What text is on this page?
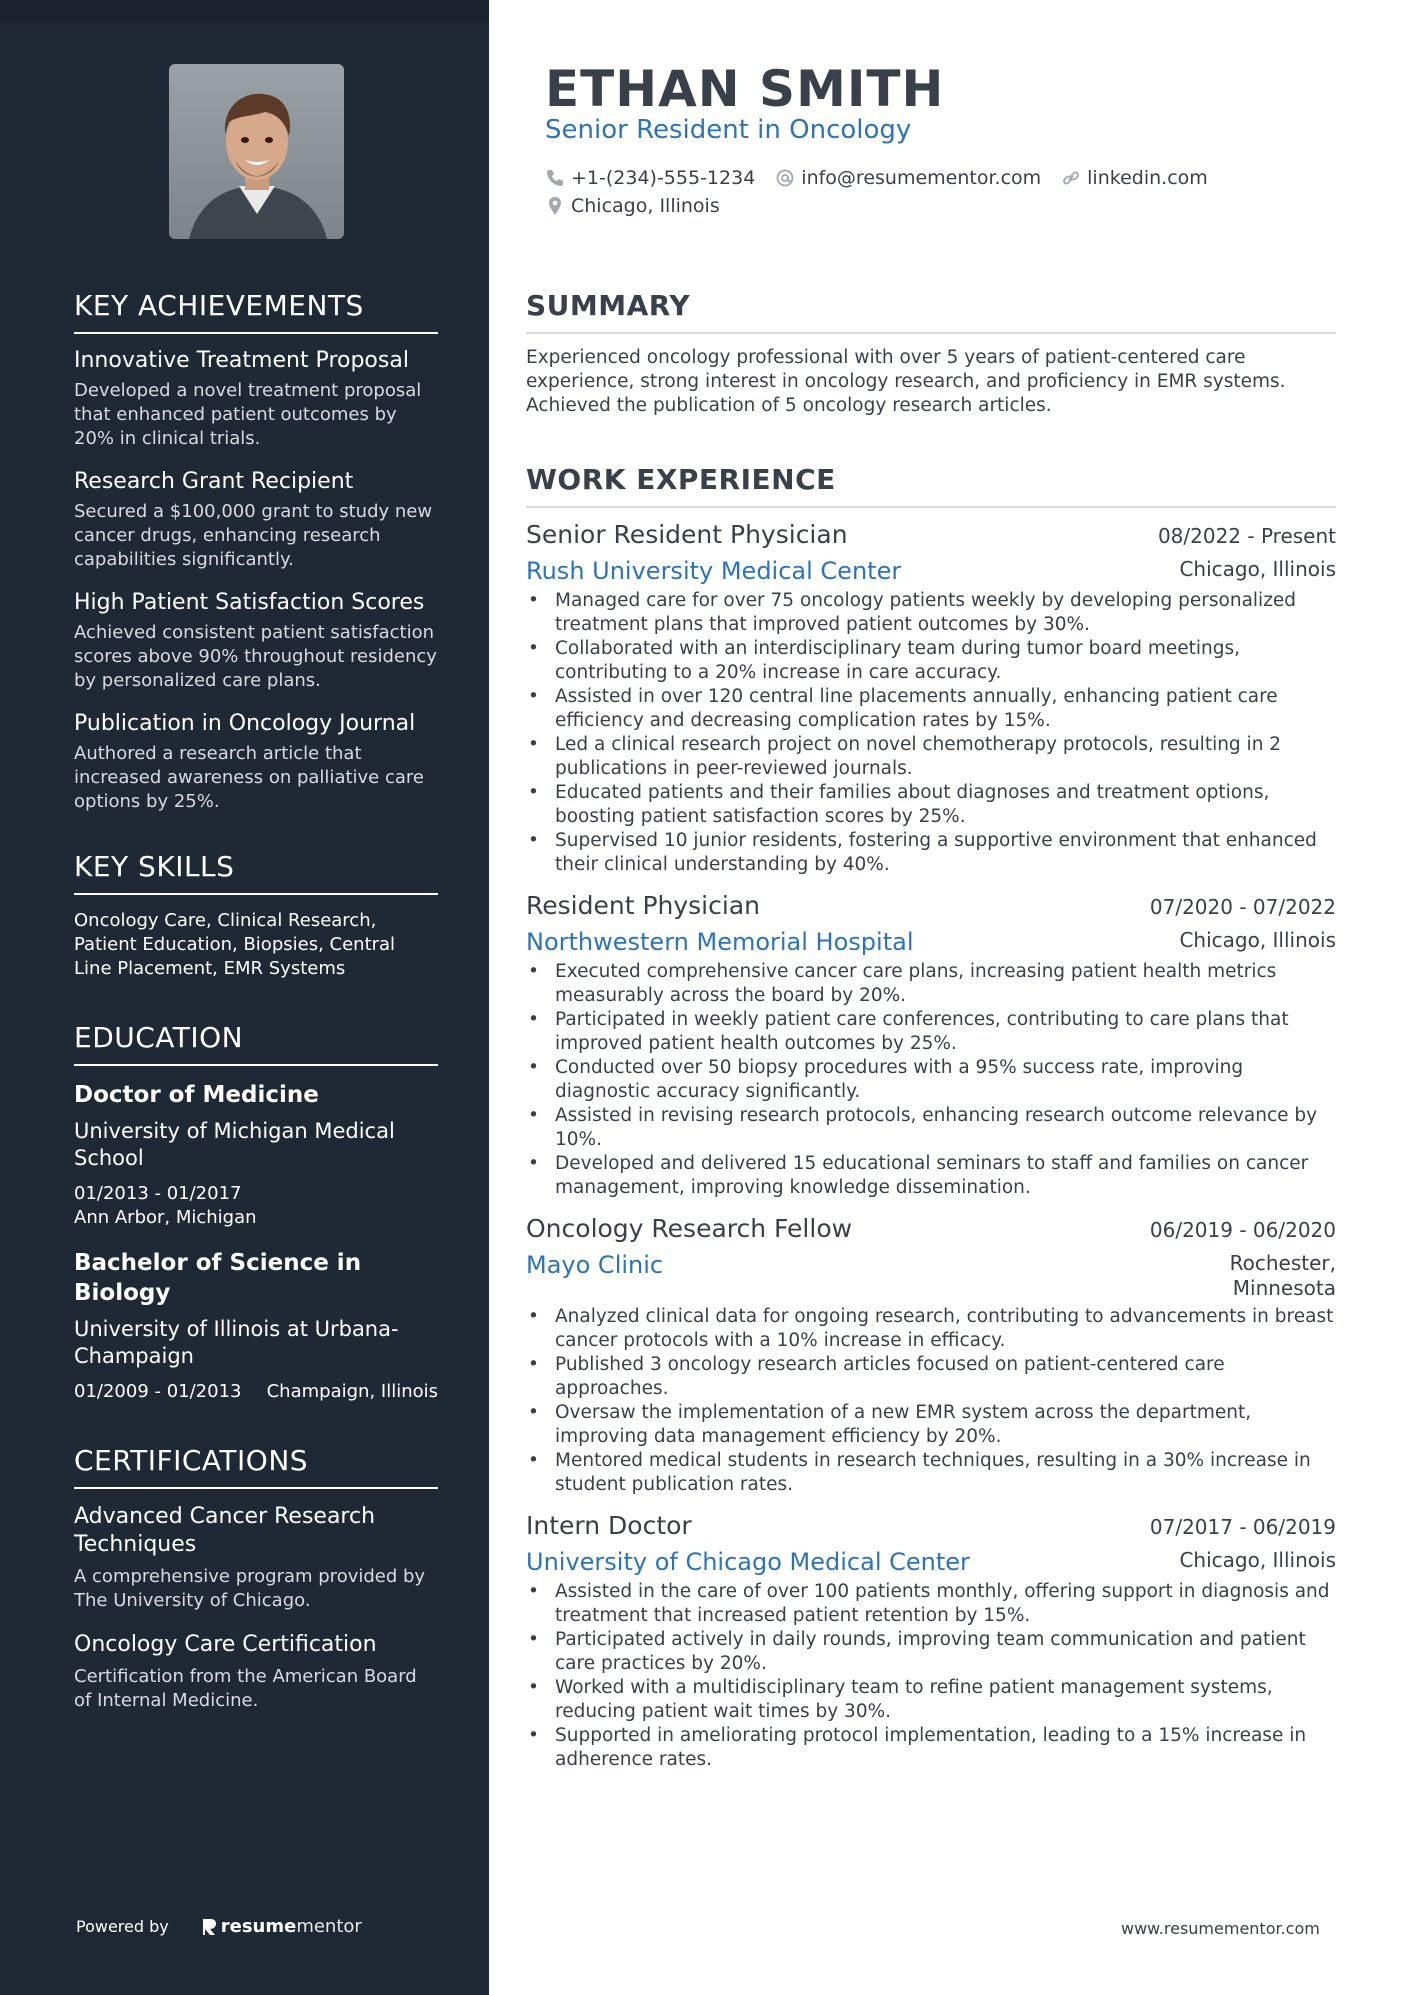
KEY ACHIEVEMENTS
Innovative Treatment Proposal
Developed a novel treatment proposal that enhanced patient outcomes by 20% in clinical trials.
Research Grant Recipient
Secured a $100,000 grant to study new cancer drugs, enhancing research capabilities significantly.
High Patient Satisfaction Scores
Achieved consistent patient satisfaction scores above 90% throughout residency by personalized care plans.
Publication in Oncology Journal
Authored a research article that increased awareness on palliative care options by 25%.
KEY SKILLS
Oncology Care, Clinical Research, Patient Education, Biopsies, Central Line Placement, EMR Systems
EDUCATION
Doctor of Medicine
University of Michigan Medical School
01/2013 - 01/2017
Ann Arbor, Michigan
Bachelor of Science in Biology
University of Illinois at Urbana-Champaign
01/2009 - 01/2013 Champaign, Illinois
CERTIFICATIONS
Advanced Cancer Research Techniques
A comprehensive program provided by The University of Chicago.
Oncology Care Certification
Certification from the American Board of Internal Medicine.
Powered by	resume mentor
ETHAN SMITH
Senior Resident in Oncology
+1-(234)-555-1234 info@resumementor.com linkedin.com
Chicago, Illinois
SUMMARY

Experienced oncology professional with over 5 years of patient-centered care experience, strong interest in oncology research, and proficiency in EMR systems. Achieved the publication of 5 oncology research articles.

WORK EXPERIENCE
Senior Resident Physician	08/2022 - Present
Rush University Medical Center	Chicago, Illinois
• Managed care for over 75 oncology patients weekly by developing personalized treatment plans that improved patient outcomes by 30%.
• Collaborated with an interdisciplinary team during tumor board meetings, contributing to a 20% increase in care accuracy.
• Assisted in over 120 central line placements annually, enhancing patient care efficiency and decreasing complication rates by 15%.
• Led a clinical research project on novel chemotherapy protocols, resulting in 2 publications in peer-reviewed journals.
• Educated patients and their families about diagnoses and treatment options, boosting patient satisfaction scores by 25%.
• Supervised 10 junior residents, fostering a supportive environment that enhanced their clinical understanding by 40%.
Resident Physician	07/2020 - 07/2022
Northwestern Memorial Hospital	Chicago, Illinois
• Executed comprehensive cancer care plans, increasing patient health metrics measurably across the board by 20%.
• Participated in weekly patient care conferences, contributing to care plans that improved patient health outcomes by 25%.
• Conducted over 50 biopsy procedures with a 95% success rate, improving diagnostic accuracy significantly.
• Assisted in revising research protocols, enhancing research outcome relevance by 10%.
• Developed and delivered 15 educational seminars to staff and families on cancer management, improving knowledge dissemination.
Oncology Research Fellow	06/2019 - 06/2020
Mayo Clinic	Rochester,
Minnesota
• Analyzed clinical data for ongoing research, contributing to advancements in breast cancer protocols with a 10% increase in efficacy.
• Published 3 oncology research articles focused on patient-centered care approaches.
• Oversaw the implementation of a new EMR system across the department, improving data management efficiency by 20%.
• Mentored medical students in research techniques, resulting in a 30% increase in student publication rates.
Intern Doctor	07/2017 - 06/2019
University of Chicago Medical Center	Chicago, Illinois
• Assisted in the care of over 100 patients monthly, offering support in diagnosis and treatment that increased patient retention by 15%.
• Participated actively in daily rounds, improving team communication and patient care practices by 20%.
• Worked with a multidisciplinary team to refine patient management systems, reducing patient wait times by 30%.
• Supported in ameliorating protocol implementation, leading to a 15% increase in adherence rates.
www.resumementor.com
